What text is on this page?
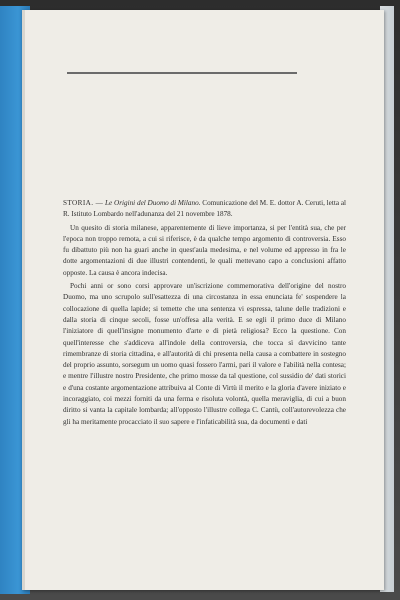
STORIA. — Le Origini del Duomo di Milano. Comunicazione del M. E. dottor A. Ceruti, letta al R. Istituto Lombardo nell'adunanza del 21 novembre 1878.

Un quesito di storia milanese, apparentemente di lieve importanza, si per l'entità sua, che per l'epoca non troppo remota, a cui si riferisce, è da qualche tempo argomento di controversia. Esso fu dibattuto più non ha guari anche in quest'aula medesima, e nel volume ed appresso in fra le dotte argomentazioni di due illustri contendenti, le quali mettevano capo a conclusioni affatto opposte. La causa è ancora indecisa.

Pochi anni or sono corsi approvare un'iscrizione commemorativa dell'origine del nostro Duomo, ma uno scrupolo sull'esattezza di una circostanza in essa enunciata fe' sospendere la collocazione di quella lapide; si temette che una sentenza vi espressa, talune delle tradizioni e dalla storia di cinque secoli, fosse un'offesa alla verità. E se egli il primo duce di Milano l'iniziatore di quell'insigne monumento d'arte e di pietà religiosa? Ecco la questione. Con quell'interesse che s'addiceva all'indole della controversia, che tocca sì davvicino tante rimembranze di storia cittadina, e all'autorità di chi presenta nella causa a combattere in sostegno del proprio assunto, sorsegum un uomo quasi fossero l'armi, pari il valore e l'abilità nella contesa; e mentre l'illustre nostro Presidente, che primo mosse da tal questione, col sussidio de' dati storici e d'una costante argomentazione attribuiva al Conte di Virtù il merito e la gloria d'avere iniziato e incoraggiato, coi mezzi forniti da una ferma e risoluta volontà, quella meraviglia, di cui a buon diritto si vanta la capitale lombarda; all'opposto l'illustre collega C. Cantù, coll'autorevolezza che gli ha meritamente procacciato il suo sapere e l'infaticabilità sua, da documenti e dati
